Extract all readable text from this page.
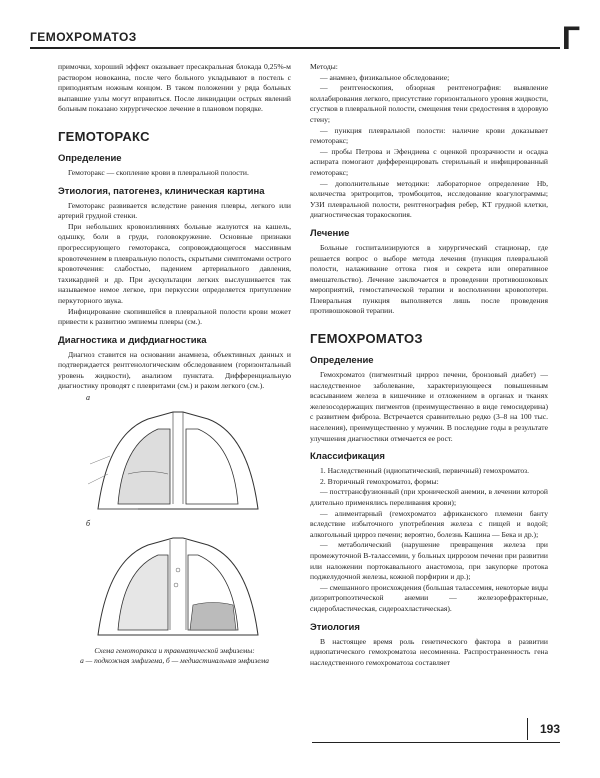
ГЕМОХРОМАТОЗ	Г

примочки, хороший эффект оказывает пресакральная блокада 0,25%-м раствором новокаина, после чего больного укладывают в постель с приподнятым ножным концом. В таком положении у ряда больных выпавшие узлы могут вправиться. После ликвидации острых явлений больным показано хирургическое лечение в плановом порядке.

ГЕМОТОРАКС
Определение

Гемоторакс — скопление крови в плевральной полости.

Этиология, патогенез, клиническая картина

Гемоторакс развивается вследствие ранения плевры, легкого или артерий грудной стенки.

При небольших кровоизлияниях больные жалуются на кашель, одышку, боли в груди, головокружение. Основные признаки прогрессирующего гемоторакса, сопровождающегося массивным кровотечением в плевральную полость, скрытыми симптомами острого кровотечения: слабостью, падением артериального давления, тахикардией и др. При аускультации легких выслушивается так называемое немое легкое, при перкуссии определяется притупление перкуторного звука.

Инфицирование скопившейся в плевральной полости крови может привести к развитию эмпиемы плевры (см.).

Диагностика и дифдиагностика

Диагноз ставится на основании анамнеза, объективных данных и подтверждается рентгенологическим обследованием (горизонтальный уровень жидкости), анализом пунктата. Дифференциальную диагностику проводят с плевритами (см.) и раком легкого (см.).

а
б
Схема гемоторакса и травматической эмфиземы:
а — подкожная эмфизема, б — медиастинальная эмфизема

Методы:

— анамнез, физикальное обследование;

— рентгеноскопия, обзорная рентгенография: выявление коллабирования легкого, присутствие горизонтального уровня жидкости, сгустков в плевральной полости, смещения тени средостения в здоровую стену;

— пункция плевральной полости: наличие крови доказывает гемоторакс;

— пробы Петрова и Эфендиева с оценкой прозрачности и осадка аспирата помогают дифференцировать стерильный и инфицированный гемоторакс;

— дополнительные методики: лабораторное определение Hb, количества эритроцитов, тромбоцитов, исследование коагулограммы; УЗИ плевральной полости, рентгенография ребер, КТ грудной клетки, диагностическая торакоскопия.

Лечение

Больные госпитализируются в хирургический стационар, где решается вопрос о выборе метода лечения (пункция плевральной полости, налаживание оттока гноя и секрета или оперативное вмешательство). Лечение заключается в проведении противошоковых мероприятий, гемостатической терапии и восполнении кровопотери. Плевральная пункция выполняется лишь после проведения противошоковой терапии.

ГЕМОХРОМАТОЗ
Определение

Гемохроматоз (пигментный цирроз печени, бронзовый диабет) — наследственное заболевание, характеризующееся повышенным всасыванием железа в кишечнике и отложением в органах и тканях железосодержащих пигментов (преимущественно в виде гемосидерина) с развитием фиброза. Встречается сравнительно редко (3–8 на 100 тыс. населения), преимущественно у мужчин. В последние годы в результате улучшения диагностики отмечается ее рост.

Классификация

1. Наследственный (идиопатический, первичный) гемохроматоз.

2. Вторичный гемохроматоз, формы:

— посттрансфузионный (при хронической анемии, в лечении которой длительно применялись переливания крови);

— алиментарный (гемохроматоз африканского племени банту вследствие избыточного употребления железа с пищей и водой; алкогольный цирроз печени; вероятно, болезнь Кашина — Бека и др.);

— метаболический (нарушение превращения железа при промежуточной В-талассемии, у больных циррозом печени при развитии или наложении портокавального анастомоза, при закупорке протока поджелудочной железы, кожной порфирии и др.);

— смешанного происхождения (большая талассемия, некоторые виды дизэритропоэтической анемии — железорефрактерные, сидеробластическая, сидероахластическая).

Этиология

В настоящее время роль генетического фактора в развитии идиопатического гемохроматоза несомненна. Распространенность гена наследственного гемохроматоза составляет

193
